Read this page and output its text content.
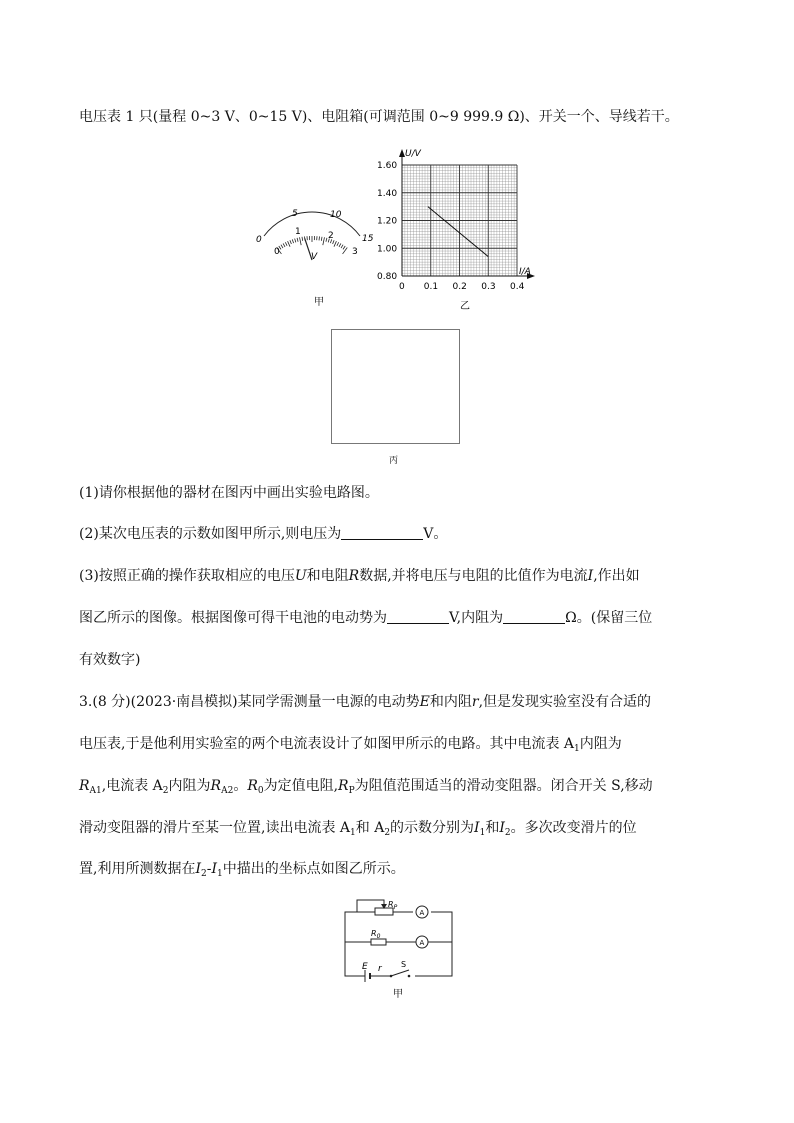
电压表 1 只(量程 0~3 V、0~15 V)、电阻箱(可调范围 0~9 999.9 Ω)、开关一个、导线若干。
0
5	10
15
0
1	2
3
V
甲
0 0.1 0.2 0.3 0.4
0.80
1.00
1.20
1.40
1.60
U/V
I/A
乙
丙
(1)请你根据他的器材在图丙中画出实验电路图。
(2)某次电压表的示数如图甲所示,则电压为	V。
(3)按照正确的操作获取相应的电压U和电阻R数据,并将电压与电阻的比值作为电流I,作出如
图乙所示的图像。根据图像可得干电池的电动势为	V,内阻为	Ω。(保留三位
有效数字)
3.(8 分)(2023·南昌模拟)某同学需测量一电源的电动势E和内阻r,但是发现实验室没有合适的
电压表,于是他利用实验室的两个电流表设计了如图甲所示的电路。其中电流表 $A_1$内阻为
$R_{A1}$,电流表 $A_2$内阻为$R_{A2}$。$R_0$为定值电阻$,R_P$为阻值范围适当的滑动变阻器。闭合开关 S,移动
滑动变阻器的滑片至某一位置,读出电流表 $A_1$和 $A_2$的示数分别为$I_1$和$I_2$。多次改变滑片的位
置,利用所测数据在$I_2-I_1$中描出的坐标点如图乙所示。
A
A
$R_P$
$R_0$
E r S
甲
